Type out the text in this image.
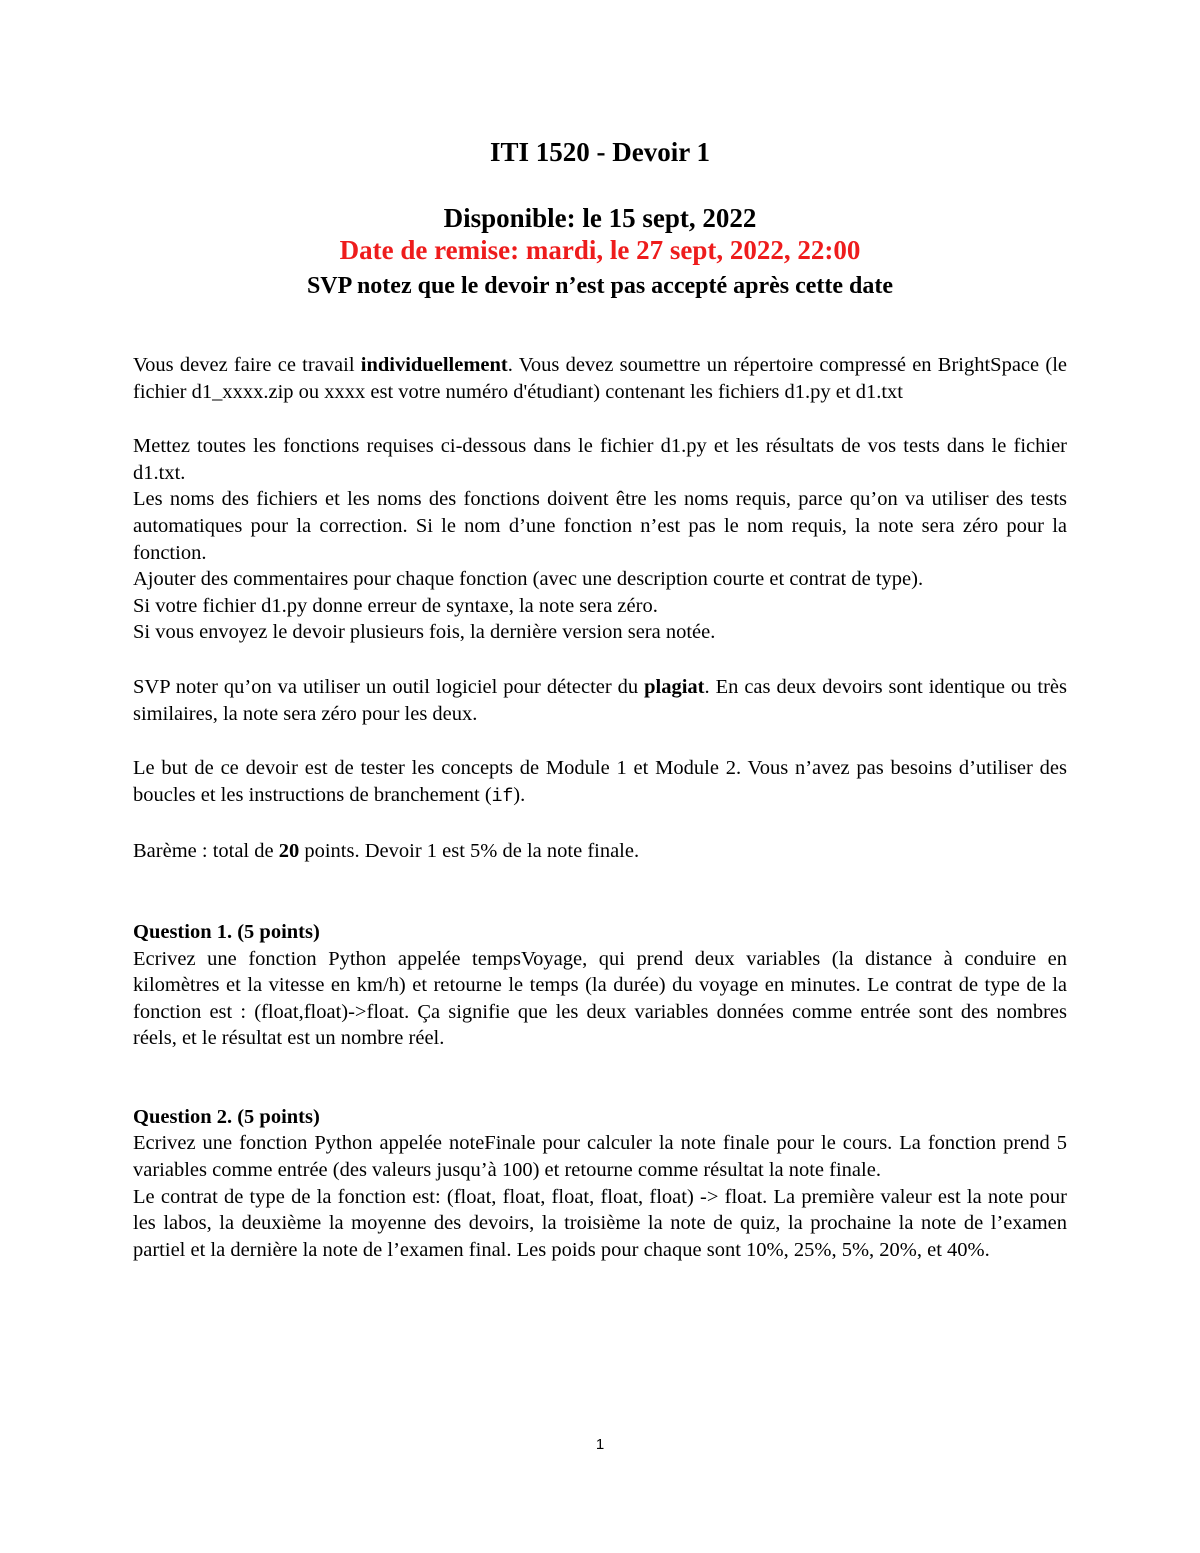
ITI 1520 - Devoir 1

Disponible: le 15 sept, 2022

Date de remise: mardi, le 27 sept, 2022, 22:00

SVP notez que le devoir n’est pas accepté après cette date

Vous devez faire ce travail individuellement. Vous devez soumettre un répertoire compressé en BrightSpace (le fichier d1_xxxx.zip ou xxxx est votre numéro d'étudiant) contenant les fichiers d1.py et d1.txt

Mettez toutes les fonctions requises ci-dessous dans le fichier d1.py et les résultats de vos tests dans le fichier d1.txt.

Les noms des fichiers et les noms des fonctions doivent être les noms requis, parce qu’on va utiliser des tests automatiques pour la correction. Si le nom d’une fonction n’est pas le nom requis, la note sera zéro pour la fonction.

Ajouter des commentaires pour chaque fonction (avec une description courte et contrat de type).

Si votre fichier d1.py donne erreur de syntaxe, la note sera zéro.

Si vous envoyez le devoir plusieurs fois, la dernière version sera notée.

SVP noter qu’on va utiliser un outil logiciel pour détecter du plagiat. En cas deux devoirs sont identique ou très similaires, la note sera zéro pour les deux.

Le but de ce devoir est de tester les concepts de Module 1 et Module 2. Vous n’avez pas besoins d’utiliser des boucles et les instructions de branchement (if).

Barème : total de 20 points. Devoir 1 est 5% de la note finale.

Question 1. (5 points)

Ecrivez une fonction Python appelée tempsVoyage, qui prend deux variables (la distance à conduire en kilomètres et la vitesse en km/h) et retourne le temps (la durée) du voyage en minutes. Le contrat de type de la fonction est : (float,float)->float. Ça signifie que les deux variables données comme entrée sont des nombres réels, et le résultat est un nombre réel.

Question 2. (5 points)

Ecrivez une fonction Python appelée noteFinale pour calculer la note finale pour le cours. La fonction prend 5 variables comme entrée (des valeurs jusqu’à 100) et retourne comme résultat la note finale.

Le contrat de type de la fonction est: (float, float, float, float, float) -> float. La première valeur est la note pour les labos, la deuxième la moyenne des devoirs, la troisième la note de quiz, la prochaine la note de l’examen partiel et la dernière la note de l’examen final. Les poids pour chaque sont 10%, 25%, 5%, 20%, et 40%.

1
